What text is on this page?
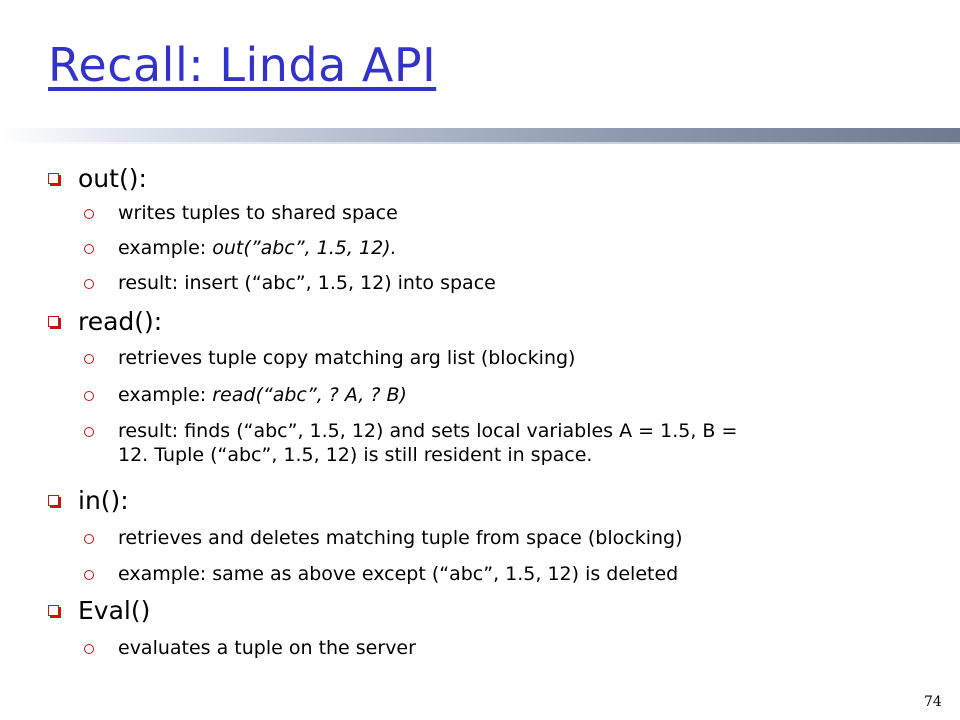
Recall: Linda API
out():
writes tuples to shared space
example: out(”abc”, 1.5, 12).
result: insert (“abc”, 1.5, 12) into space
read():
retrieves tuple copy matching arg list (blocking)
example: read(“abc”, ? A, ? B)
result: finds (“abc”, 1.5, 12) and sets local variables A = 1.5, B =
12. Tuple (“abc”, 1.5, 12) is still resident in space.
in():
retrieves and deletes matching tuple from space (blocking)
example: same as above except (“abc”, 1.5, 12) is deleted
Eval()
evaluates a tuple on the server
74
